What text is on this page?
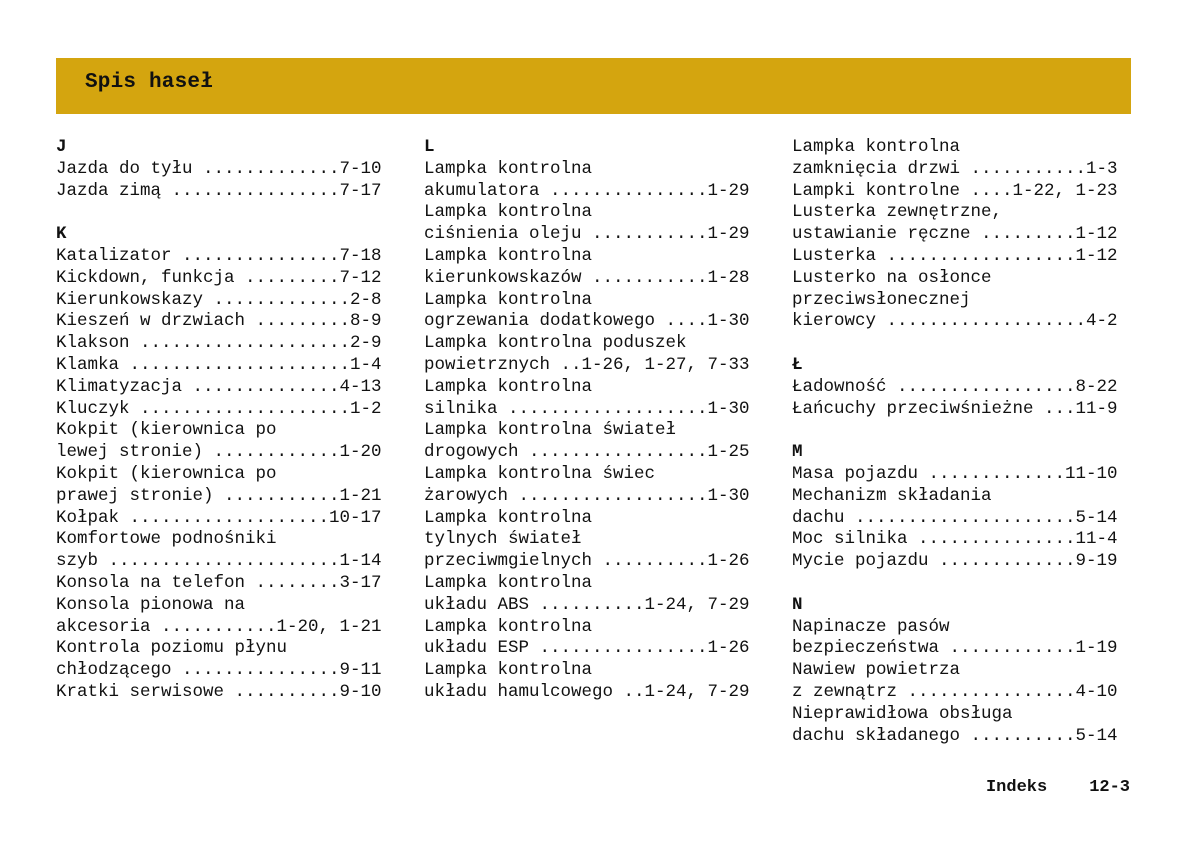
Spis haseł
J
Jazda do tyłu .............7-10
Jazda zimą ................7-17
K
Katalizator ...............7-18
Kickdown, funkcja .........7-12
Kierunkowskazy .............2-8
Kieszeń w drzwiach .........8-9
Klakson ....................2-9
Klamka .....................1-4
Klimatyzacja ..............4-13
Kluczyk ....................1-2
Kokpit (kierownica po
lewej stronie) ............1-20
Kokpit (kierownica po
prawej stronie) ...........1-21
Kołpak ...................10-17
Komfortowe podnośniki
szyb ......................1-14
Konsola na telefon ........3-17
Konsola pionowa na
akcesoria ...........1-20, 1-21
Kontrola poziomu płynu
chłodzącego ...............9-11
Kratki serwisowe ..........9-10
L
Lampka kontrolna
akumulatora ...............1-29
Lampka kontrolna
ciśnienia oleju ...........1-29
Lampka kontrolna
kierunkowskazów ...........1-28
Lampka kontrolna
ogrzewania dodatkowego ....1-30
Lampka kontrolna poduszek
powietrznych ..1-26, 1-27, 7-33
Lampka kontrolna
silnika ...................1-30
Lampka kontrolna świateł
drogowych .................1-25
Lampka kontrolna świec
żarowych ..................1-30
Lampka kontrolna
tylnych świateł
przeciwmgielnych ..........1-26
Lampka kontrolna
układu ABS ..........1-24, 7-29
Lampka kontrolna
układu ESP ................1-26
Lampka kontrolna
układu hamulcowego ..1-24, 7-29
Lampka kontrolna
zamknięcia drzwi ...........1-3
Lampki kontrolne ....1-22, 1-23
Lusterka zewnętrzne,
ustawianie ręczne .........1-12
Lusterka ..................1-12
Lusterko na osłonce
przeciwsłonecznej
kierowcy ...................4-2
Ł
Ładowność .................8-22
Łańcuchy przeciwśnieżne ...11-9
M
Masa pojazdu .............11-10
Mechanizm składania
dachu .....................5-14
Moc silnika ...............11-4
Mycie pojazdu .............9-19
N
Napinacze pasów
bezpieczeństwa ............1-19
Nawiew powietrza
z zewnątrz ................4-10
Nieprawidłowa obsługa
dachu składanego ..........5-14
Indeks 12-3
